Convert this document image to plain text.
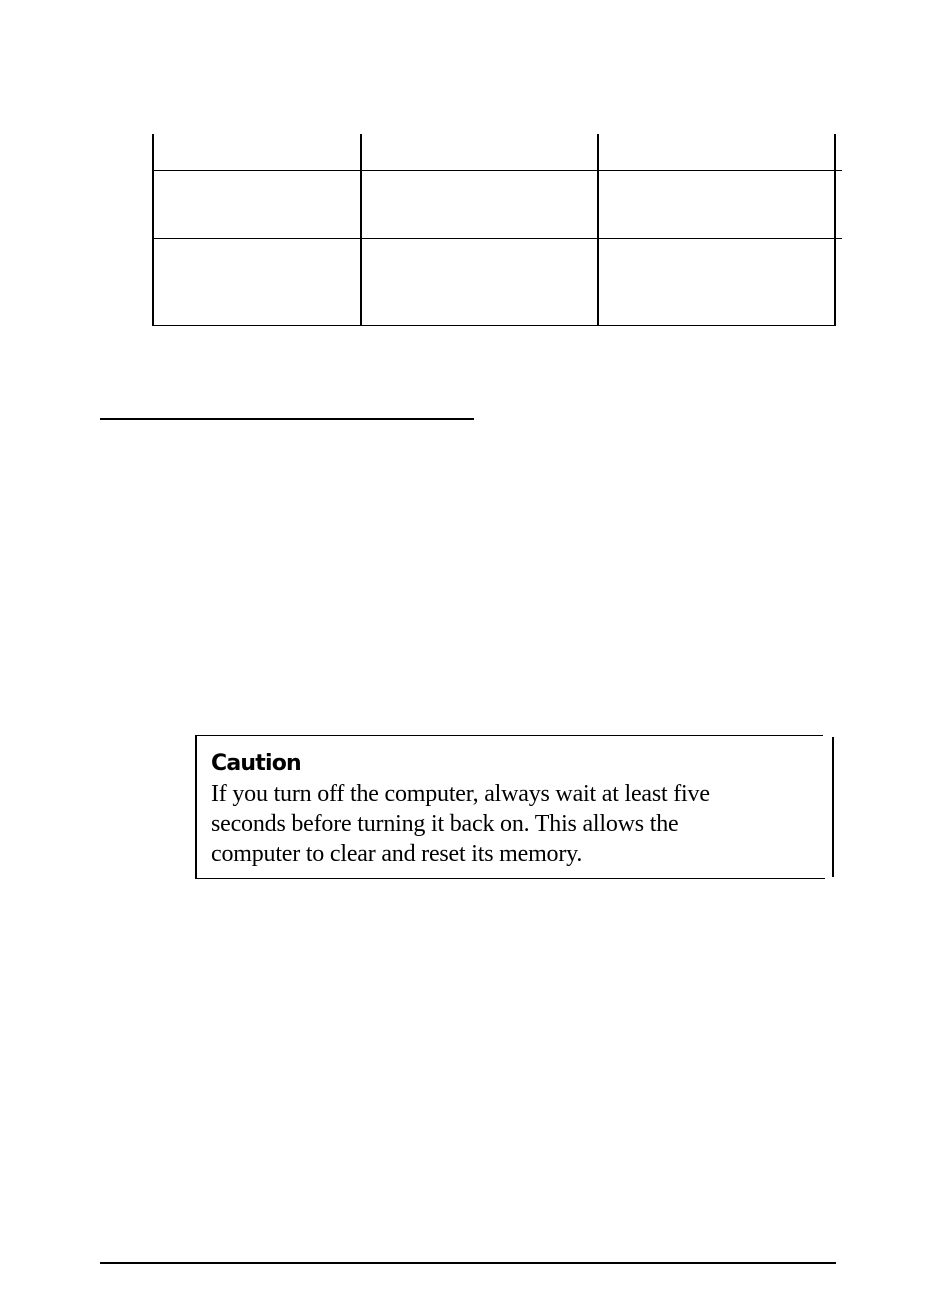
Caution
If you turn off the computer, always wait at least five
seconds before turning it back on. This allows the
computer to clear and reset its memory.
